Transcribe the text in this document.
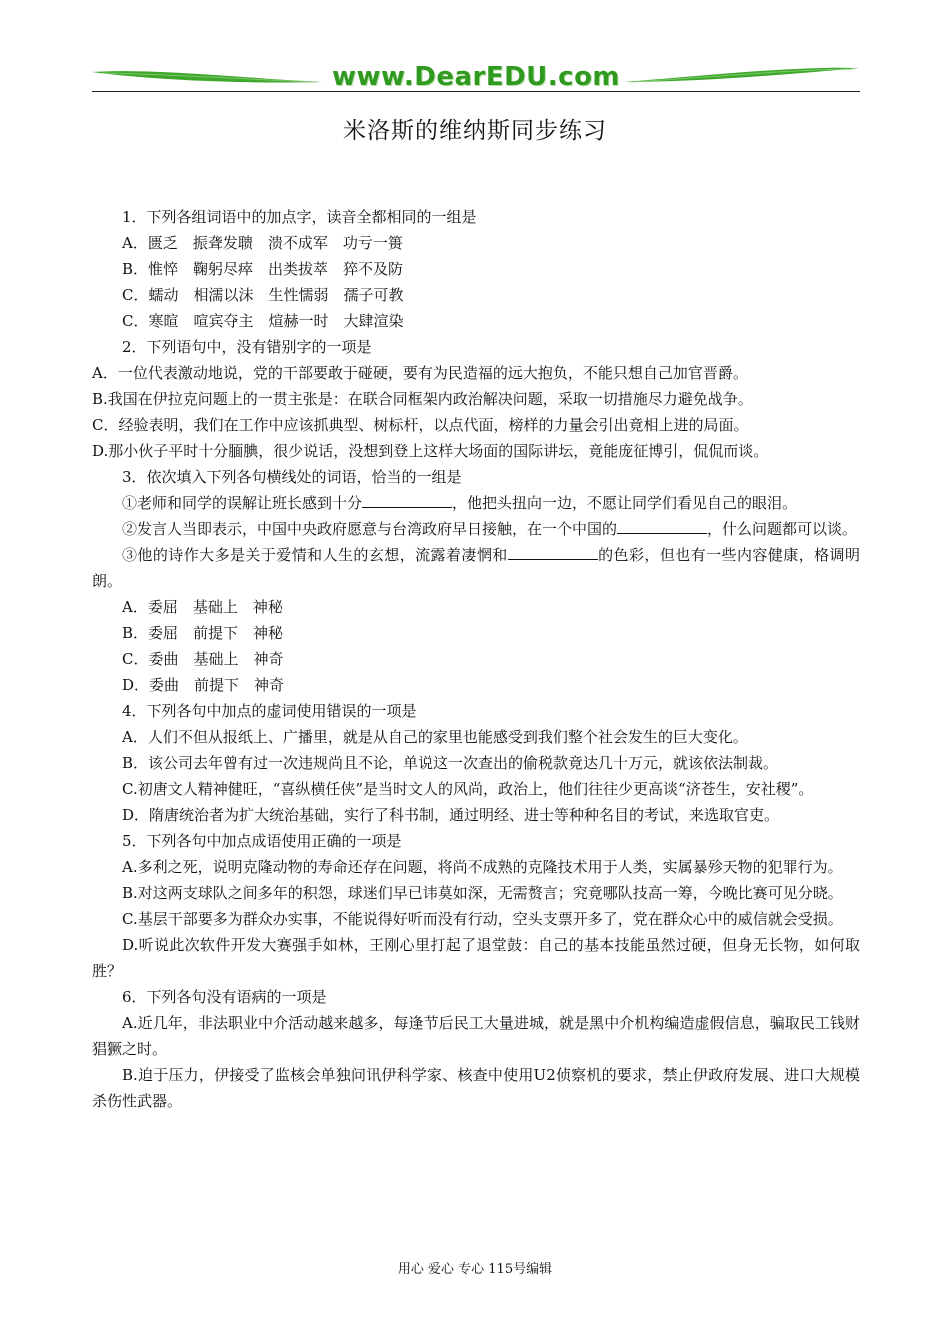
www.DearEDU.com
米洛斯的维纳斯同步练习

1．下列各组词语中的加点字，读音全都相同的一组是

A．匮乏　振聋发聩　溃不成军　功亏一篑

B．惟悴　鞠躬尽瘁　出类拔萃　猝不及防

C．蠕动　相濡以沫　生性懦弱　孺子可教

C．寒暄　喧宾夺主　煊赫一时　大肆渲染

2．下列语句中，没有错别字的一项是

A．一位代表激动地说，党的干部要敢于碰硬，要有为民造福的远大抱负，不能只想自己加官晋爵。

B.我国在伊拉克问题上的一贯主张是：在联合同框架内政治解决问题，采取一切措施尽力避免战争。

C．经验表明，我们在工作中应该抓典型、树标杆，以点代面，榜样的力量会引出竟相上进的局面。

D.那小伙子平时十分腼腆，很少说话，没想到登上这样大场面的国际讲坛，竟能庞征博引，侃侃而谈。

3．依次填入下列各句横线处的词语，恰当的一组是

①老师和同学的误解让班长感到十分	，他把头扭向一边，不愿让同学们看见自己的眼泪。

②发言人当即表示，中国中央政府愿意与台湾政府早日接触，在一个中国的	，什么问题都可以谈。

③他的诗作大多是关于爱情和人生的玄想，流露着凄惘和	的色彩，但也有一些内容健康，格调明朗。

A．委屈　基础上　神秘

B．委屈　前提下　神秘

C．委曲　基础上　神奇

D．委曲　前提下　神奇

4．下列各句中加点的虚词使用错误的一项是

A．人们不但从报纸上、广播里，就是从自己的家里也能感受到我们整个社会发生的巨大变化。

B．该公司去年曾有过一次违规尚且不论，单说这一次查出的偷税款竟达几十万元，就该依法制裁。

C.初唐文人精神健旺，“喜纵横任侠”是当时文人的风尚，政治上，他们往往少更高谈“济苍生，安社稷”。

D．隋唐统治者为扩大统治基础，实行了科书制，通过明经、进士等种种名目的考试，来选取官吏。

5．下列各句中加点成语使用正确的一项是

A.多利之死，说明克隆动物的寿命还存在问题，将尚不成熟的克隆技术用于人类，实属暴殄天物的犯罪行为。

B.对这两支球队之间多年的积怨，球迷们早已讳莫如深，无需赘言；究竟哪队技高一筹，今晚比赛可见分晓。

C.基层干部要多为群众办实事，不能说得好听而没有行动，空头支票开多了，党在群众心中的威信就会受损。

D.听说此次软件开发大赛强手如林，王刚心里打起了退堂鼓：自己的基本技能虽然过硬，但身无长物，如何取胜？

6．下列各句没有语病的一项是

A.近几年，非法职业中介活动越来越多，每逢节后民工大量进城，就是黑中介机构编造虚假信息，骗取民工钱财猖獗之时。

B.迫于压力，伊接受了监核会单独问讯伊科学家、核查中使用U2侦察机的要求，禁止伊政府发展、进口大规模杀伤性武器。

用心 爱心 专心 115号编辑
